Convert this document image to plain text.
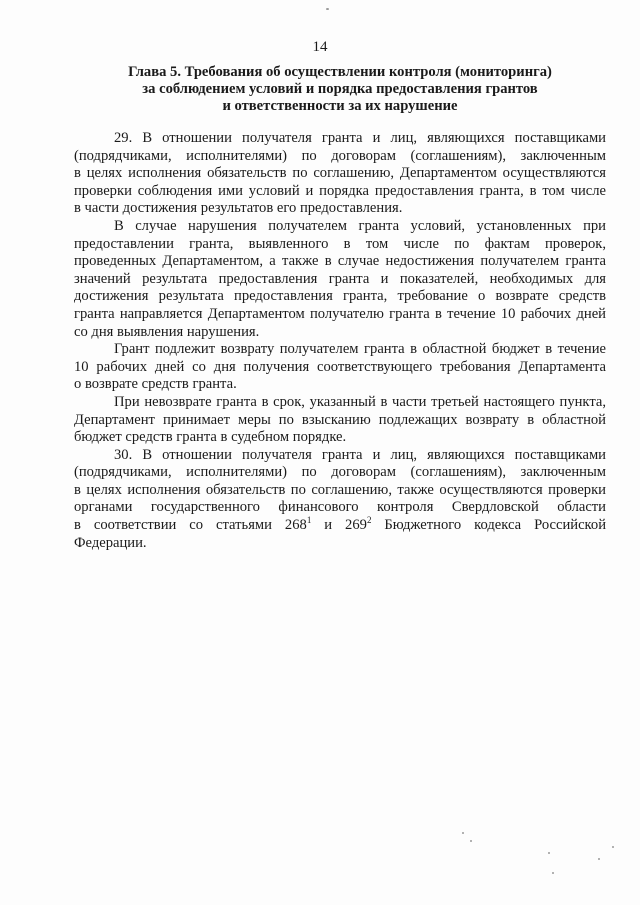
14
Глава 5. Требования об осуществлении контроля (мониторинга)
за соблюдением условий и порядка предоставления грантов
и ответственности за их нарушение
29. В отношении получателя гранта и лиц, являющихся поставщиками
(подрядчиками, исполнителями) по договорам (соглашениям), заключенным
в целях исполнения обязательств по соглашению, Департаментом осуществляются
проверки соблюдения ими условий и порядка предоставления гранта, в том числе
в части достижения результатов его предоставления.
В случае нарушения получателем гранта условий, установленных при
предоставлении гранта, выявленного в том числе по фактам проверок,
проведенных Департаментом, а также в случае недостижения получателем гранта
значений результата предоставления гранта и показателей, необходимых для
достижения результата предоставления гранта, требование о возврате средств
гранта направляется Департаментом получателю гранта в течение 10 рабочих дней
со дня выявления нарушения.
Грант подлежит возврату получателем гранта в областной бюджет в течение
10 рабочих дней со дня получения соответствующего требования Департамента
о возврате средств гранта.
При невозврате гранта в срок, указанный в части третьей настоящего пункта,
Департамент принимает меры по взысканию подлежащих возврату в областной
бюджет средств гранта в судебном порядке.
30. В отношении получателя гранта и лиц, являющихся поставщиками
(подрядчиками, исполнителями) по договорам (соглашениям), заключенным
в целях исполнения обязательств по соглашению, также осуществляются проверки
органами государственного финансового контроля Свердловской области
в соответствии со статьями $268^1$ и $269^2$ Бюджетного кодекса Российской
Федерации.
